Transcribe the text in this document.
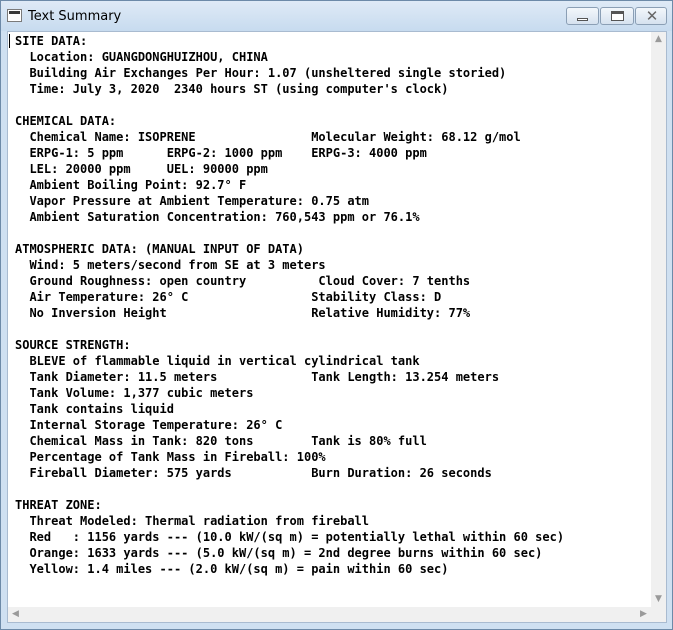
Text Summary	✕
SITE DATA:
Location: GUANGDONGHUIZHOU, CHINA
Building Air Exchanges Per Hour: 1.07 (unsheltered single storied)
Time: July 3, 2020  2340 hours ST (using computer's clock)
CHEMICAL DATA:
Chemical Name: ISOPRENE                Molecular Weight: 68.12 g/mol
ERPG-1: 5 ppm      ERPG-2: 1000 ppm    ERPG-3: 4000 ppm
LEL: 20000 ppm     UEL: 90000 ppm
Ambient Boiling Point: 92.7° F
Vapor Pressure at Ambient Temperature: 0.75 atm
Ambient Saturation Concentration: 760,543 ppm or 76.1%
ATMOSPHERIC DATA: (MANUAL INPUT OF DATA)
Wind: 5 meters/second from SE at 3 meters
Ground Roughness: open country          Cloud Cover: 7 tenths
Air Temperature: 26° C                 Stability Class: D
No Inversion Height                    Relative Humidity: 77%
SOURCE STRENGTH:
BLEVE of flammable liquid in vertical cylindrical tank
Tank Diameter: 11.5 meters             Tank Length: 13.254 meters
Tank Volume: 1,377 cubic meters
Tank contains liquid
Internal Storage Temperature: 26° C
Chemical Mass in Tank: 820 tons        Tank is 80% full
Percentage of Tank Mass in Fireball: 100%
Fireball Diameter: 575 yards           Burn Duration: 26 seconds
THREAT ZONE:
Threat Modeled: Thermal radiation from fireball
Red   : 1156 yards --- (10.0 kW/(sq m) = potentially lethal within 60 sec)
Orange: 1633 yards --- (5.0 kW/(sq m) = 2nd degree burns within 60 sec)
Yellow: 1.4 miles --- (2.0 kW/(sq m) = pain within 60 sec)
▲
▼
◀	▶
